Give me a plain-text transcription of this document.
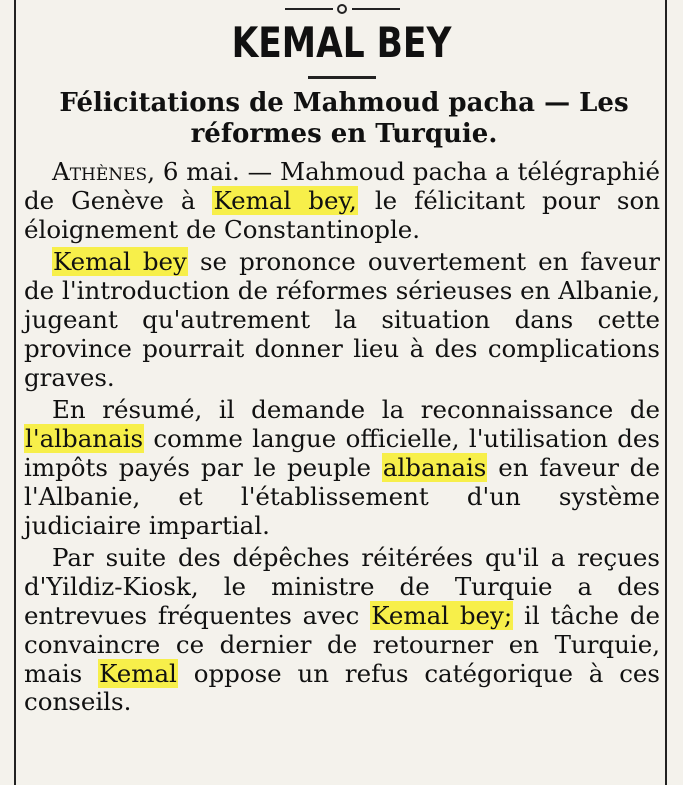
KEMAL BEY
Félicitations de Mahmoud pacha — Les réformes en Turquie.

Athènes, 6 mai. — Mahmoud pacha a télégraphié de Genève à Kemal bey, le félicitant pour son éloignement de Constantinople.

Kemal bey se prononce ouvertement en faveur de l'introduction de réformes sérieuses en Albanie, jugeant qu'autrement la situation dans cette province pourrait donner lieu à des complications graves.

En résumé, il demande la reconnaissance de l'albanais comme langue officielle, l'utilisation des impôts payés par le peuple albanais en faveur de l'Albanie, et l'établissement d'un système judiciaire impartial.

Par suite des dépêches réitérées qu'il a reçues d'Yildiz-Kiosk, le ministre de Turquie a des entrevues fréquentes avec Kemal bey; il tâche de convaincre ce dernier de retourner en Turquie, mais Kemal oppose un refus catégorique à ces conseils.
